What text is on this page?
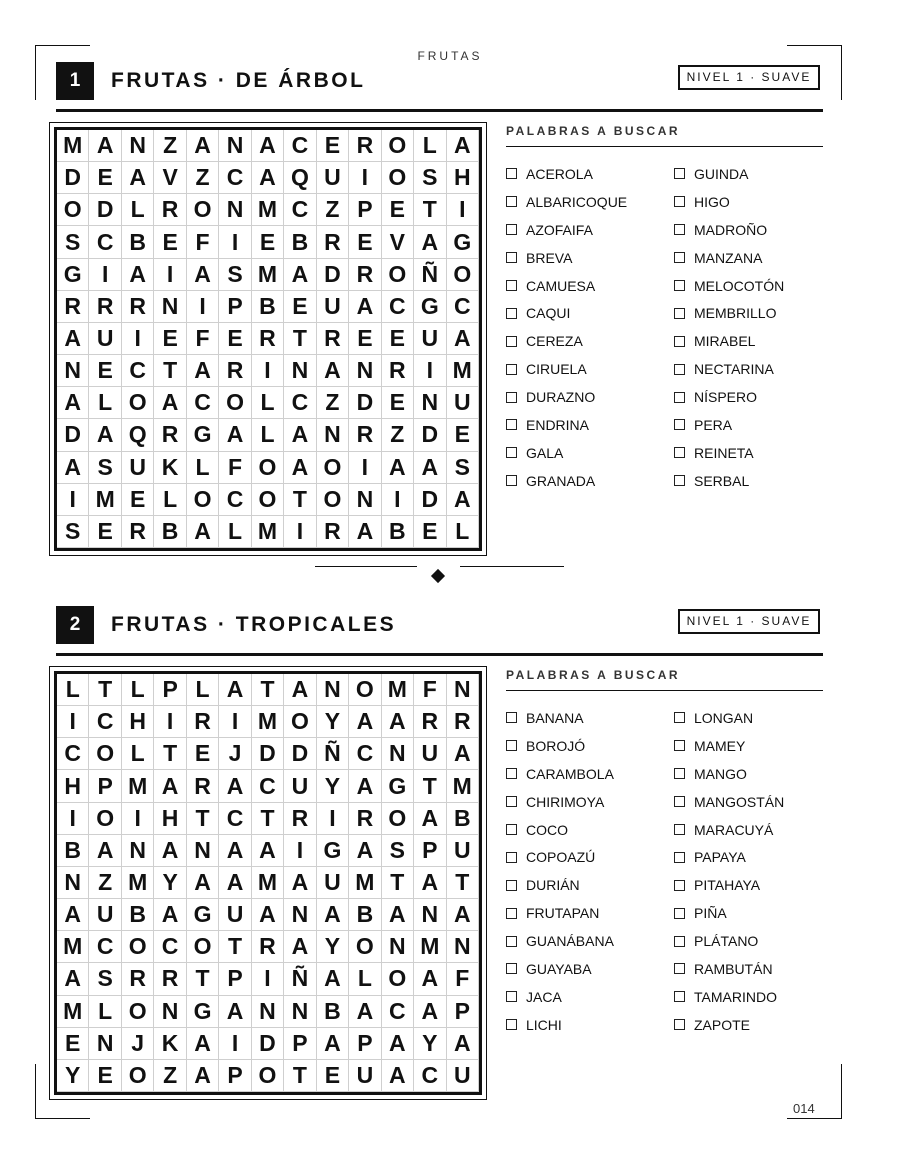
FRUTAS
1	FRUTAS · DE ÁRBOL	NIVEL 1 · SUAVE
M A N Z A N A C E R O L A
D E A V Z C A Q U I O S H
O D L R O N M C Z P E T I
S C B E F I E B R E V A G
G I A I A S M A D R O Ñ O
R R R N I P B E U A C G C
A U I E F E R T R E E U A
N E C T A R I N A N R I M
A L O A C O L C Z D E N U
D A Q R G A L A N R Z D E
A S U K L F O A O I A A S
I M E L O C O T O N I D A
S E R B A L M I R A B E L
PALABRAS A BUSCAR
ACEROLA
ALBARICOQUE
AZOFAIFA
BREVA
CAMUESA
CAQUI
CEREZA
CIRUELA
DURAZNO
ENDRINA
GALA
GRANADA
GUINDA
HIGO
MADROÑO
MANZANA
MELOCOTÓN
MEMBRILLO
MIRABEL
NECTARINA
NÍSPERO
PERA
REINETA
SERBAL
2	FRUTAS · TROPICALES	NIVEL 1 · SUAVE
L T L P L A T A N O M F N
I C H I R I M O Y A A R R
C O L T E J D D Ñ C N U A
H P M A R A C U Y A G T M
I O I H T C T R I R O A B
B A N A N A A I G A S P U
N Z M Y A A M A U M T A T
A U B A G U A N A B A N A
M C O C O T R A Y O N M N
A S R R T P I Ñ A L O A F
M L O N G A N N B A C A P
E N J K A I D P A P A Y A
Y E O Z A P O T E U A C U
PALABRAS A BUSCAR
BANANA
BOROJÓ
CARAMBOLA
CHIRIMOYA
COCO
COPOAZÚ
DURIÁN
FRUTAPAN
GUANÁBANA
GUAYABA
JACA
LICHI
LONGAN
MAMEY
MANGO
MANGOSTÁN
MARACUYÁ
PAPAYA
PITAHAYA
PIÑA
PLÁTANO
RAMBUTÁN
TAMARINDO
ZAPOTE
014
